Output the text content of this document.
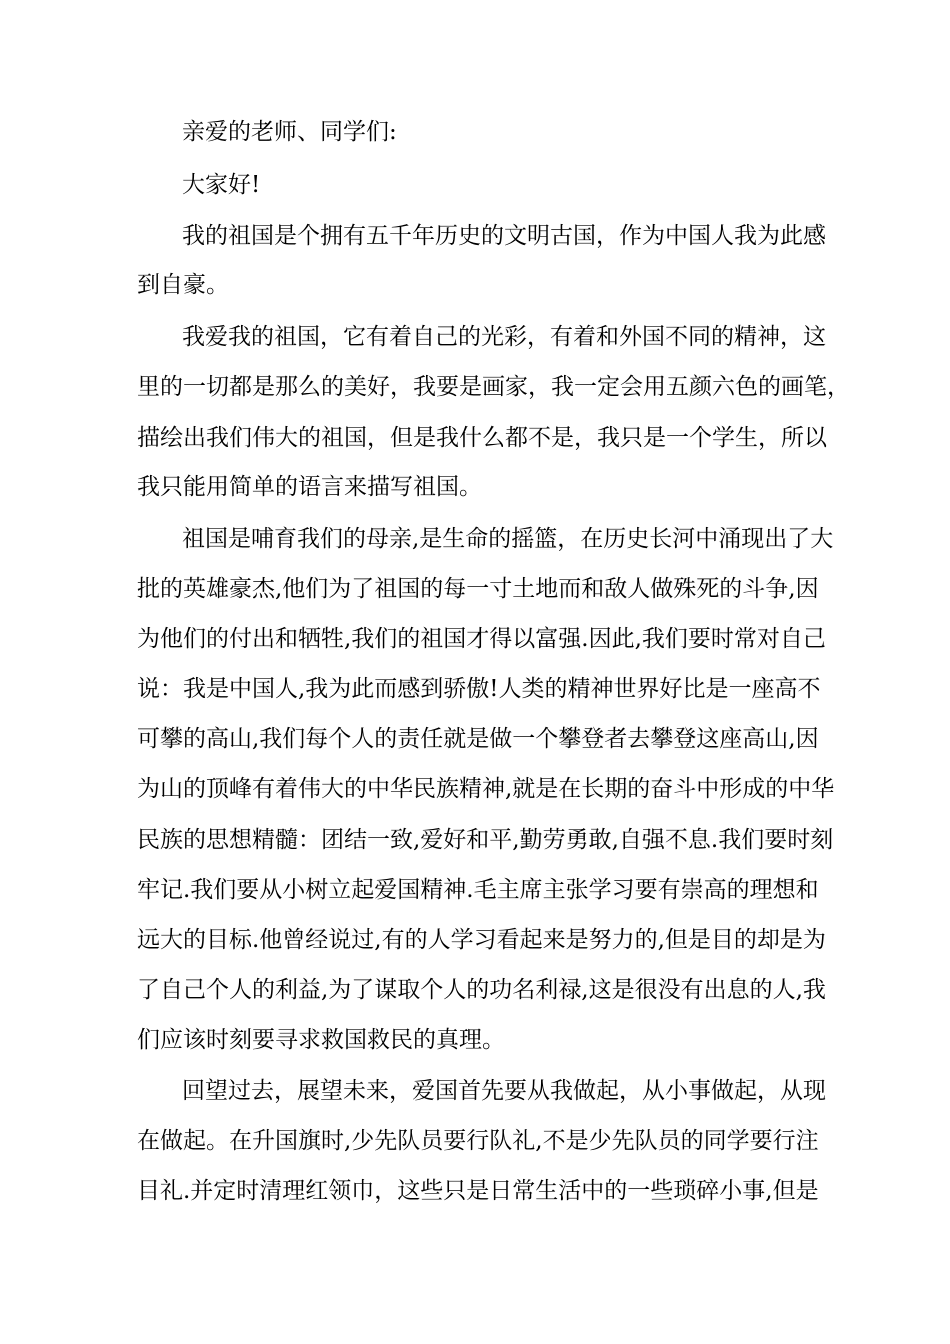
亲爱的老师、同学们:
大家好!
我的祖国是个拥有五千年历史的文明古国，作为中国人我为此感
到自豪。
我爱我的祖国，它有着自己的光彩，有着和外国不同的精神，这
里的一切都是那么的美好，我要是画家，我一定会用五颜六色的画笔，
描绘出我们伟大的祖国，但是我什么都不是，我只是一个学生，所以
我只能用简单的语言来描写祖国。
祖国是哺育我们的母亲,是生命的摇篮，在历史长河中涌现出了大
批的英雄豪杰,他们为了祖国的每一寸土地而和敌人做殊死的斗争,因
为他们的付出和牺牲,我们的祖国才得以富强.因此,我们要时常对自己
说：我是中国人,我为此而感到骄傲!人类的精神世界好比是一座高不
可攀的高山,我们每个人的责任就是做一个攀登者去攀登这座高山,因
为山的顶峰有着伟大的中华民族精神,就是在长期的奋斗中形成的中华
民族的思想精髓：团结一致,爱好和平,勤劳勇敢,自强不息.我们要时刻
牢记.我们要从小树立起爱国精神.毛主席主张学习要有崇高的理想和
远大的目标.他曾经说过,有的人学习看起来是努力的,但是目的却是为
了自己个人的利益,为了谋取个人的功名利禄,这是很没有出息的人,我
们应该时刻要寻求救国救民的真理。
回望过去，展望未来，爱国首先要从我做起，从小事做起，从现
在做起。在升国旗时,少先队员要行队礼,不是少先队员的同学要行注
目礼.并定时清理红领巾，这些只是日常生活中的一些琐碎小事,但是
